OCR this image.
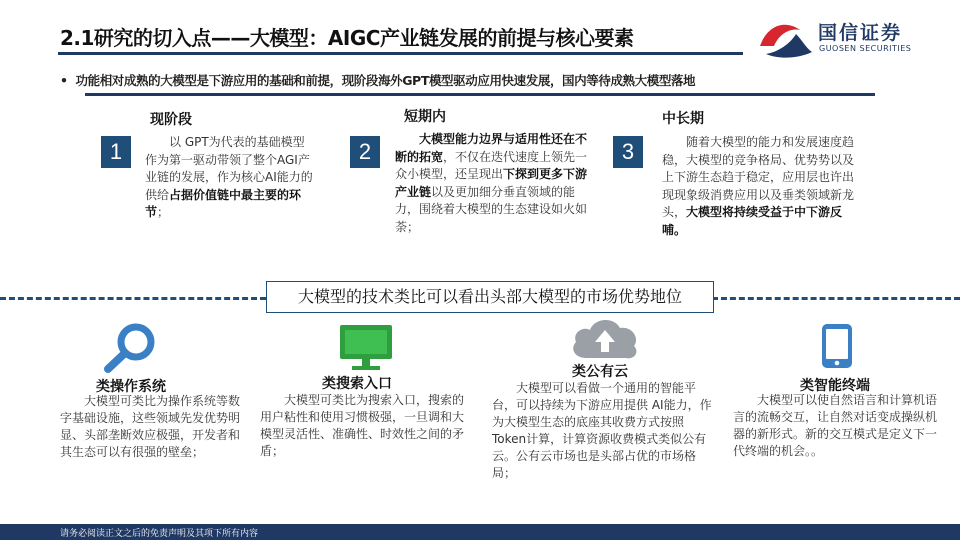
2.1研究的切入点——大模型：AIGC产业链发展的前提与核心要素	国信证券
GUOSEN SECURITIES
•  功能相对成熟的大模型是下游应用的基础和前提，现阶段海外GPT模型驱动应用快速发展，国内等待成熟大模型落地
1
现阶段
以 GPT为代表的基础模型作为第一驱动带领了整个AGI产业链的发展，作为核心AI能力的供给占据价值链中最主要的环节；
2
短期内
大模型能力边界与适用性还在不断的拓宽，不仅在迭代速度上领先一众小模型，还呈现出下探到更多下游产业链以及更加细分垂直领域的能力，围绕着大模型的生态建设如火如荼；
3
中长期
随着大模型的能力和发展速度趋稳，大模型的竞争格局、优势势以及上下游生态趋于稳定，应用层也许出现现象级消费应用以及垂类领域新龙头，大模型将持续受益于中下游反哺。
大模型的技术类比可以看出头部大模型的市场优势地位
类操作系统
大模型可类比为操作系统等数字基础设施，这些领域先发优势明显、头部垄断效应极强，开发者和其生态可以有很强的壁垒；
类搜索入口
大模型可类比为搜索入口，搜索的用户粘性和使用习惯极强，一旦调和大模型灵活性、准确性、时效性之间的矛盾；
类公有云
大模型可以看做一个通用的智能平台，可以持续为下游应用提供 AI能力，作为大模型生态的底座其收费方式按照Token计算，计算资源收费模式类似公有云。公有云市场也是头部占优的市场格局；
类智能终端
大模型可以使自然语言和计算机语言的流畅交互，让自然对话变成操纵机器的新形式。新的交互模式是定义下一代终端的机会。。
请务必阅读正文之后的免责声明及其项下所有内容
